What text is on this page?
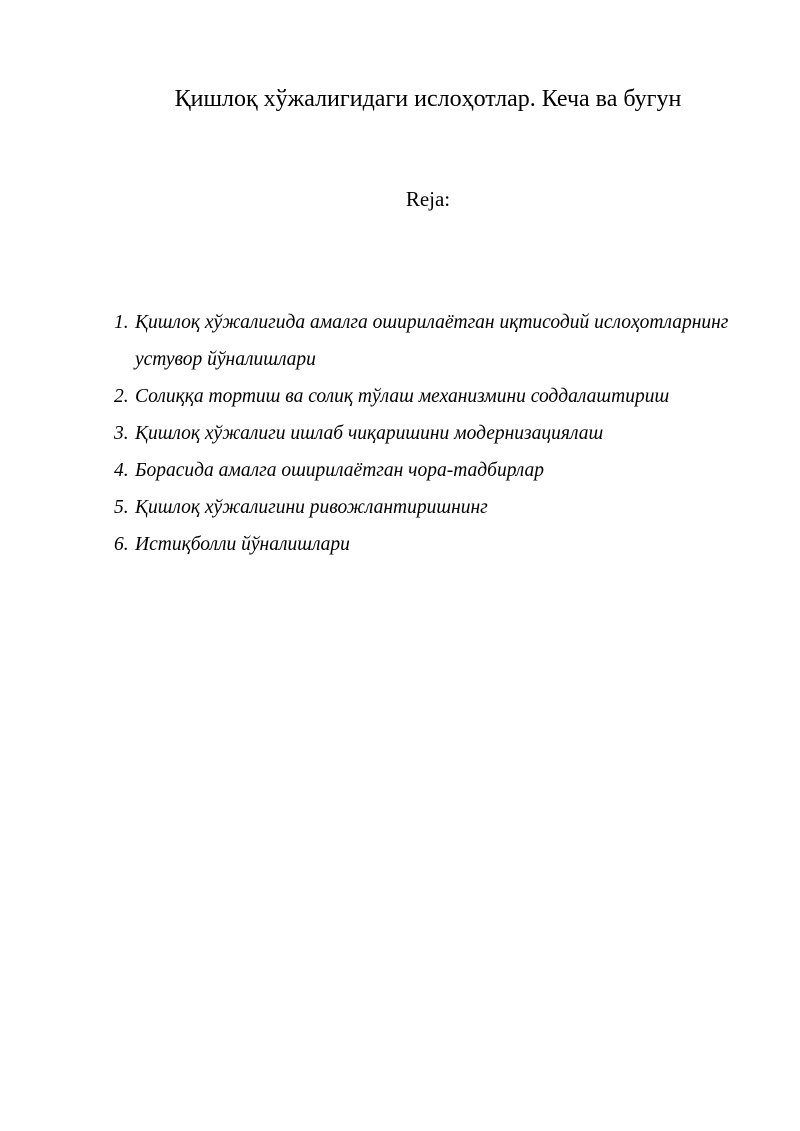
Қишлоқ хўжалигидаги ислоҳотлар. Кеча ва бугун
Reja:
1. Қишлоқ хўжалигида амалга оширилаётган иқтисодий ислоҳотларнинг устувор йўналишлари
2. Солиққа тортиш ва солиқ тўлаш механизмини соддалаштириш
3. Қишлоқ хўжалиги ишлаб чиқаришини модернизациялаш
4. Борасида амалга оширилаётган чора-тадбирлар
5. Қишлоқ хўжалигини ривожлантиришнинг
6. Истиқболли йўналишлари
